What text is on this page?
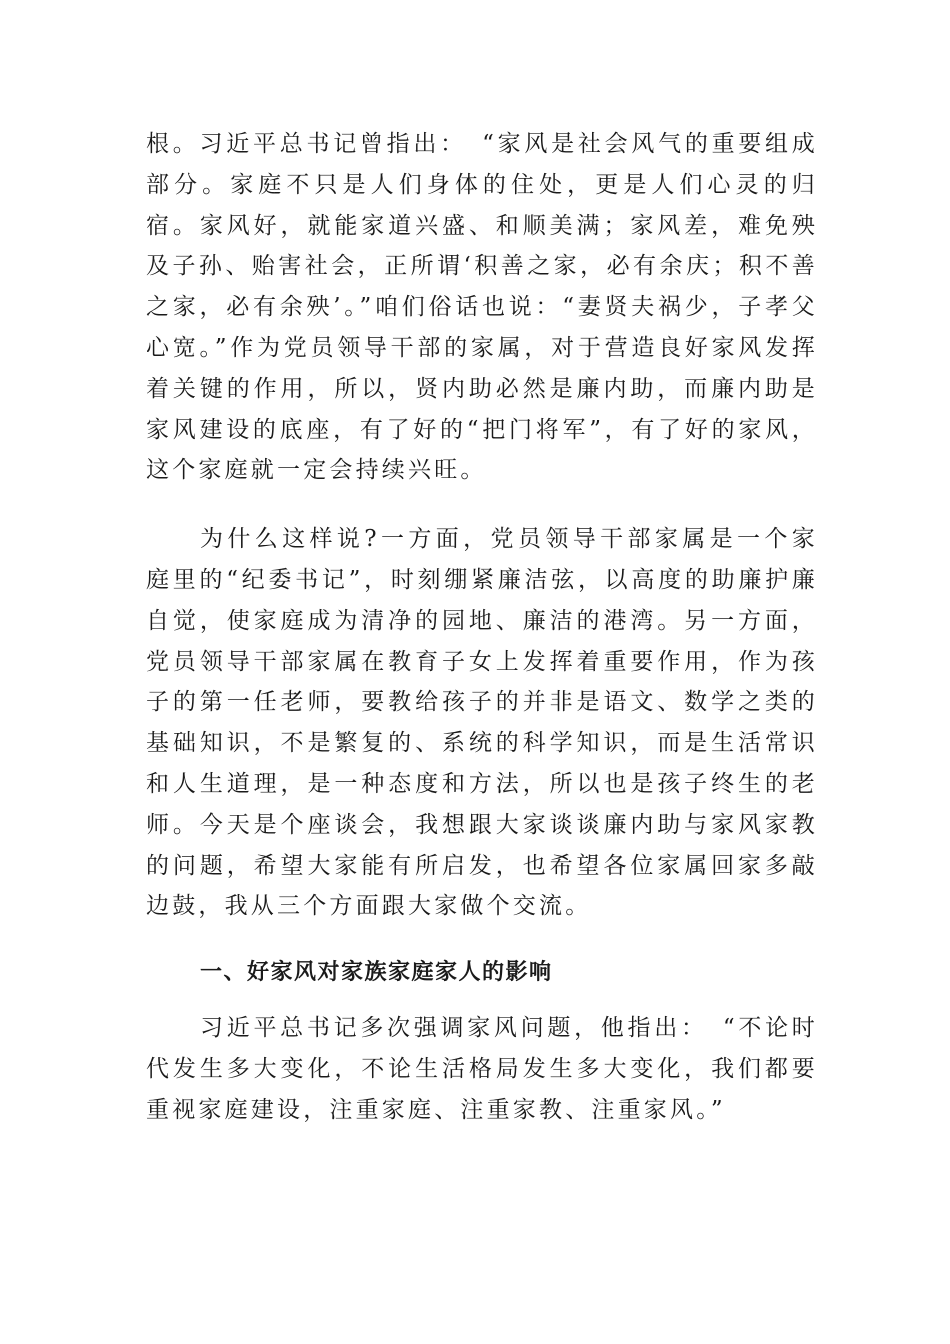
根。习近平总书记曾指出：　“家风是社会风气的重要组成部分。家庭不只是人们身体的住处，更是人们心灵的归宿。家风好，就能家道兴盛、和顺美满；家风差，难免殃及子孙、贻害社会，正所谓‘积善之家，必有余庆；积不善之家，必有余殃’。”咱们俗话也说：“妻贤夫祸少，子孝父心宽。”作为党员领导干部的家属，对于营造良好家风发挥着关键的作用，所以，贤内助必然是廉内助，而廉内助是家风建设的底座，有了好的“把门将军”，有了好的家风，这个家庭就一定会持续兴旺。

为什么这样说?一方面，党员领导干部家属是一个家庭里的“纪委书记”，时刻绷紧廉洁弦，以高度的助廉护廉自觉，使家庭成为清净的园地、廉洁的港湾。另一方面，党员领导干部家属在教育子女上发挥着重要作用，作为孩子的第一任老师，要教给孩子的并非是语文、数学之类的基础知识，不是繁复的、系统的科学知识，而是生活常识和人生道理，是一种态度和方法，所以也是孩子终生的老师。今天是个座谈会，我想跟大家谈谈廉内助与家风家教的问题，希望大家能有所启发，也希望各位家属回家多敲边鼓，我从三个方面跟大家做个交流。

一、好家风对家族家庭家人的影响

习近平总书记多次强调家风问题，他指出：　“不论时代发生多大变化，不论生活格局发生多大变化，我们都要重视家庭建设，注重家庭、注重家教、注重家风。”
